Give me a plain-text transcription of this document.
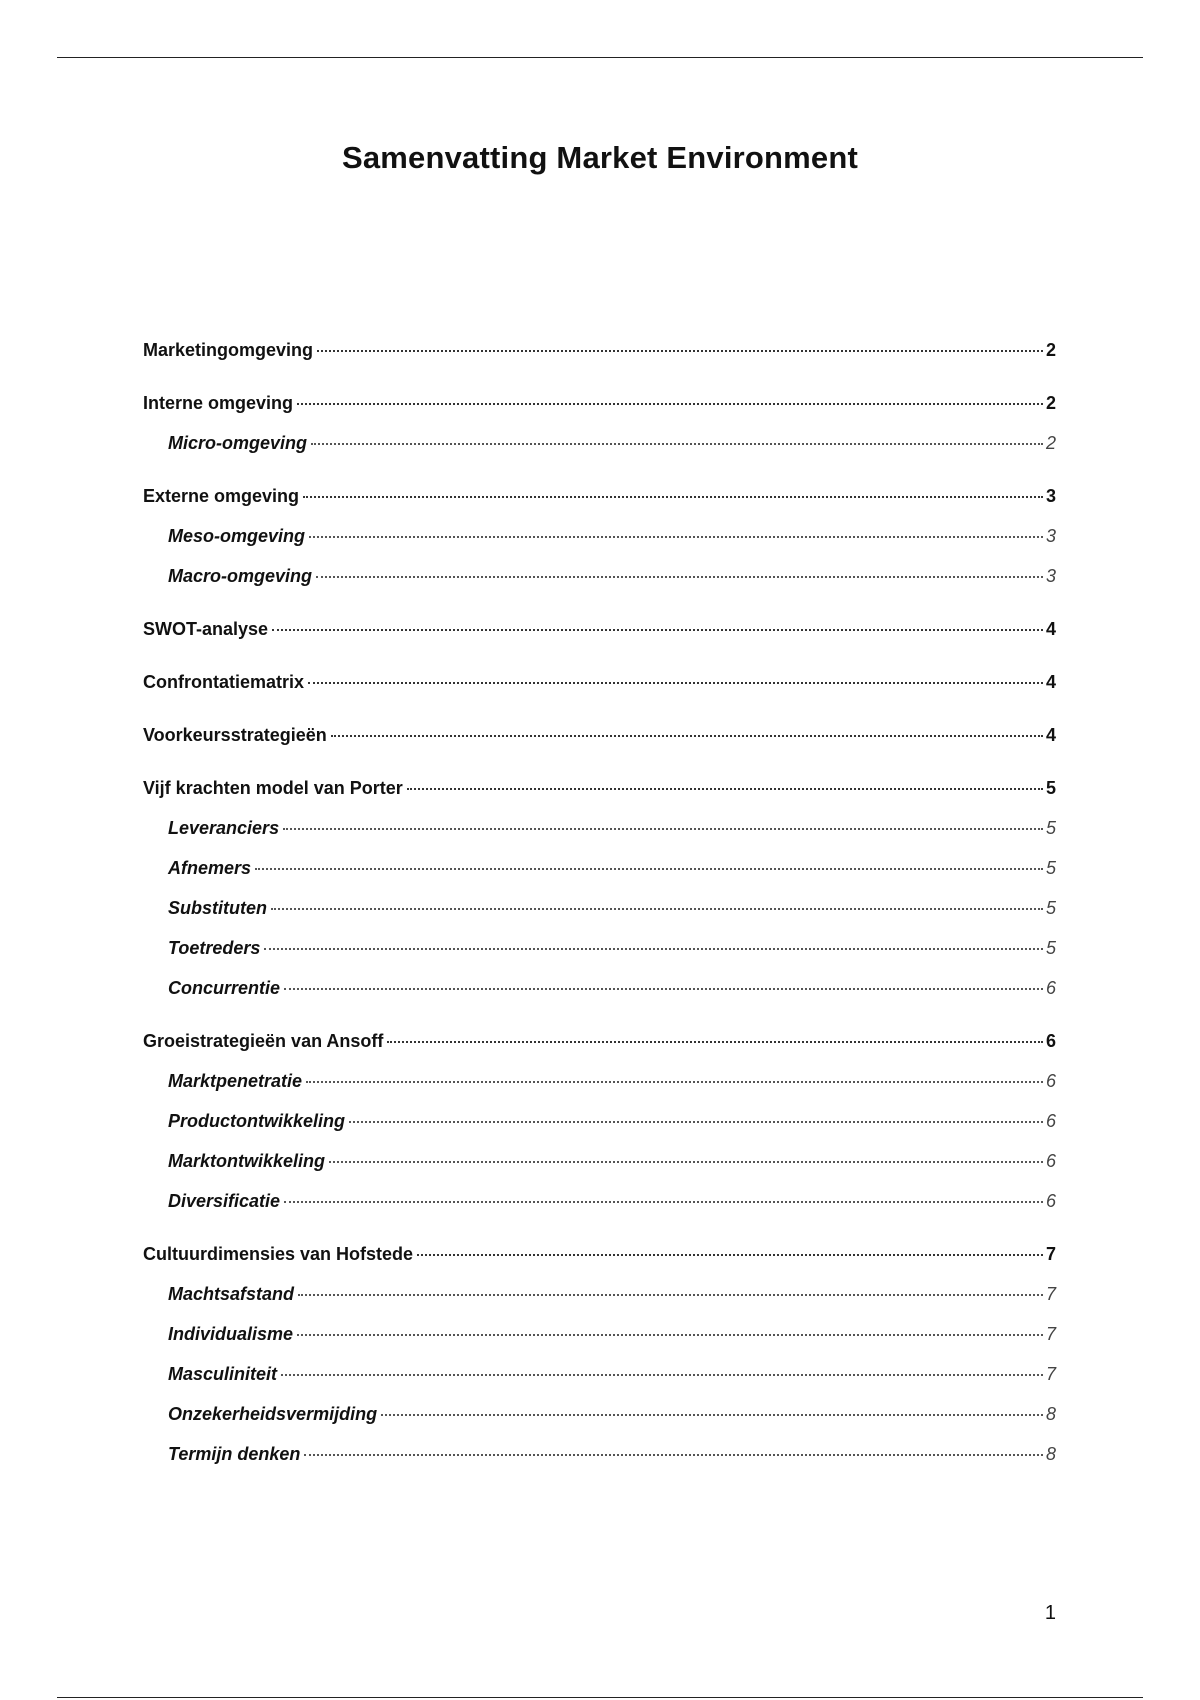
Samenvatting Market Environment
Marketingomgeving	2
Interne omgeving	2
Micro-omgeving	2
Externe omgeving	3
Meso-omgeving	3
Macro-omgeving	3
SWOT-analyse	4
Confrontatiematrix	4
Voorkeursstrategieën	4
Vijf krachten model van Porter	5
Leveranciers	5
Afnemers	5
Substituten	5
Toetreders	5
Concurrentie	6
Groeistrategieën van Ansoff	6
Marktpenetratie	6
Productontwikkeling	6
Marktontwikkeling	6
Diversificatie	6
Cultuurdimensies van Hofstede	7
Machtsafstand	7
Individualisme	7
Masculiniteit	7
Onzekerheidsvermijding	8
Termijn denken	8
1
